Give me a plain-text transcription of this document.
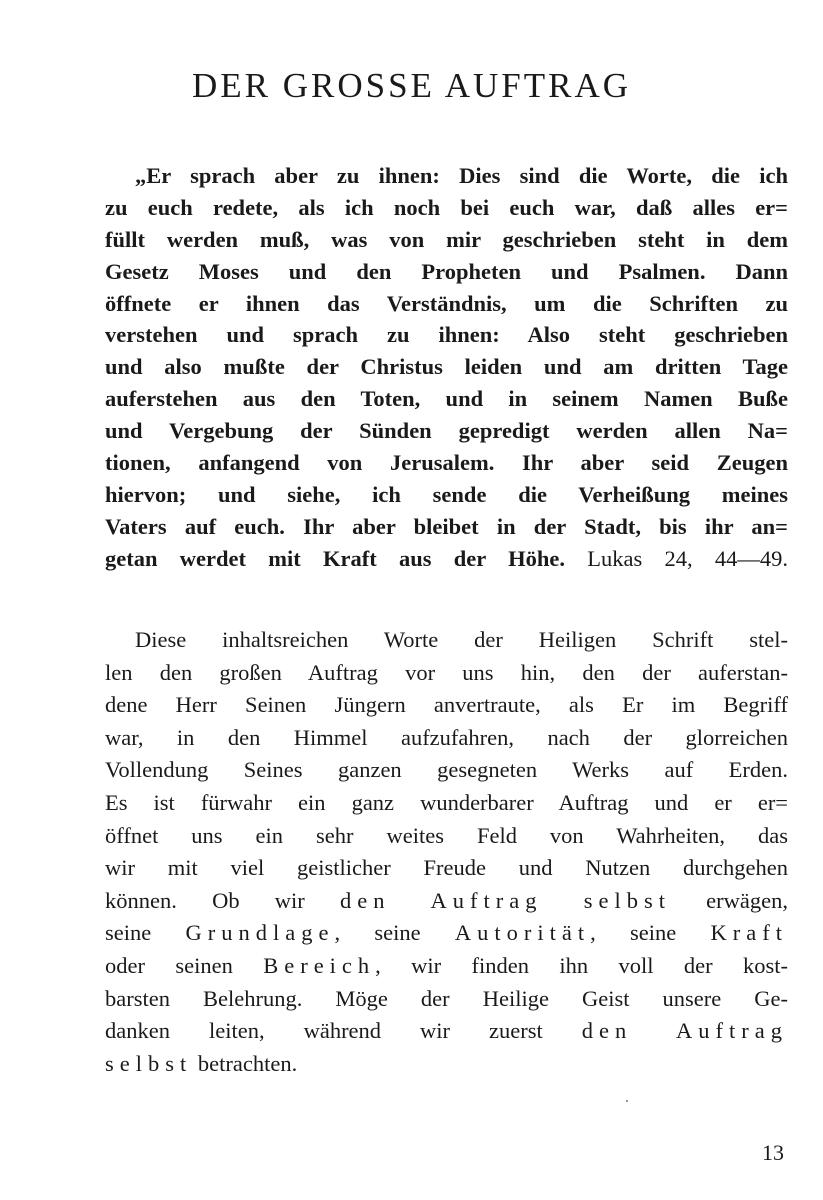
DER GROSSE AUFTRAG
„Er sprach aber zu ihnen: Dies sind die Worte, die ich
zu euch redete, als ich noch bei euch war, daß alles er=
füllt werden muß, was von mir geschrieben steht in dem
Gesetz Moses und den Propheten und Psalmen. Dann
öffnete er ihnen das Verständnis, um die Schriften zu
verstehen und sprach zu ihnen: Also steht geschrieben
und also mußte der Christus leiden und am dritten Tage
auferstehen aus den Toten, und in seinem Namen Buße
und Vergebung der Sünden gepredigt werden allen Na=
tionen, anfangend von Jerusalem. Ihr aber seid Zeugen
hiervon; und siehe, ich sende die Verheißung meines
Vaters auf euch. Ihr aber bleibet in der Stadt, bis ihr an=
getan werdet mit Kraft aus der Höhe. Lukas 24, 44—49.
Diese inhaltsreichen Worte der Heiligen Schrift stel-
len den großen Auftrag vor uns hin, den der auferstan-
dene Herr Seinen Jüngern anvertraute, als Er im Begriff
war, in den Himmel aufzufahren, nach der glorreichen
Vollendung Seines ganzen gesegneten Werks auf Erden.
Es ist fürwahr ein ganz wunderbarer Auftrag und er er=
öffnet uns ein sehr weites Feld von Wahrheiten, das
wir mit viel geistlicher Freude und Nutzen durchgehen
können. Ob wir den Auftrag selbst erwägen,
seine Grundlage, seine Autorität, seine Kraft
oder seinen Bereich, wir finden ihn voll der kost-
barsten Belehrung. Möge der Heilige Geist unsere Ge-
danken leiten, während wir zuerst den Auftrag
selbst betrachten.
13
